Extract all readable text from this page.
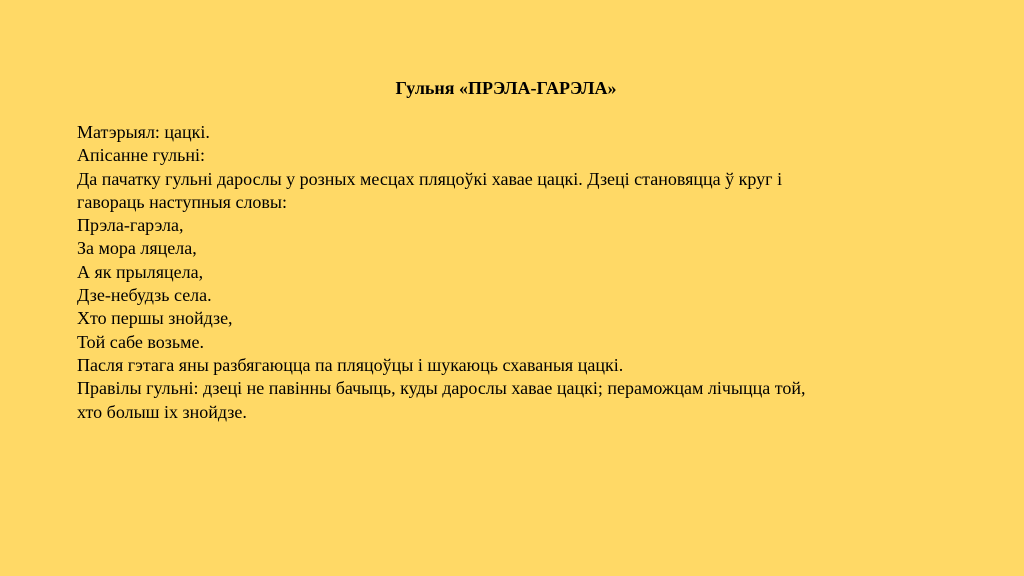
Гульня «ПРЭЛА-ГАРЭЛА»
Матэрыял: цацкі.
Апісанне гульні:
Да пачатку гульні дарослы у розных месцах пляцоўкі хавае цацкі. Дзеці становяцца ў круг і
гавораць наступныя словы:
Прэла-гарэла,
За мора ляцела,
А як прыляцела,
Дзе-небудзь села.
Хто першы знойдзе,
Той сабе возьме.
Пасля гэтага яны разбягаюцца па пляцоўцы і шукаюць схаваныя цацкі.
Правілы гульні: дзеці не павінны бачыць, куды дарослы хавае цацкі; пераможцам лічыцца той,
хто болыш іх знойдзе.
